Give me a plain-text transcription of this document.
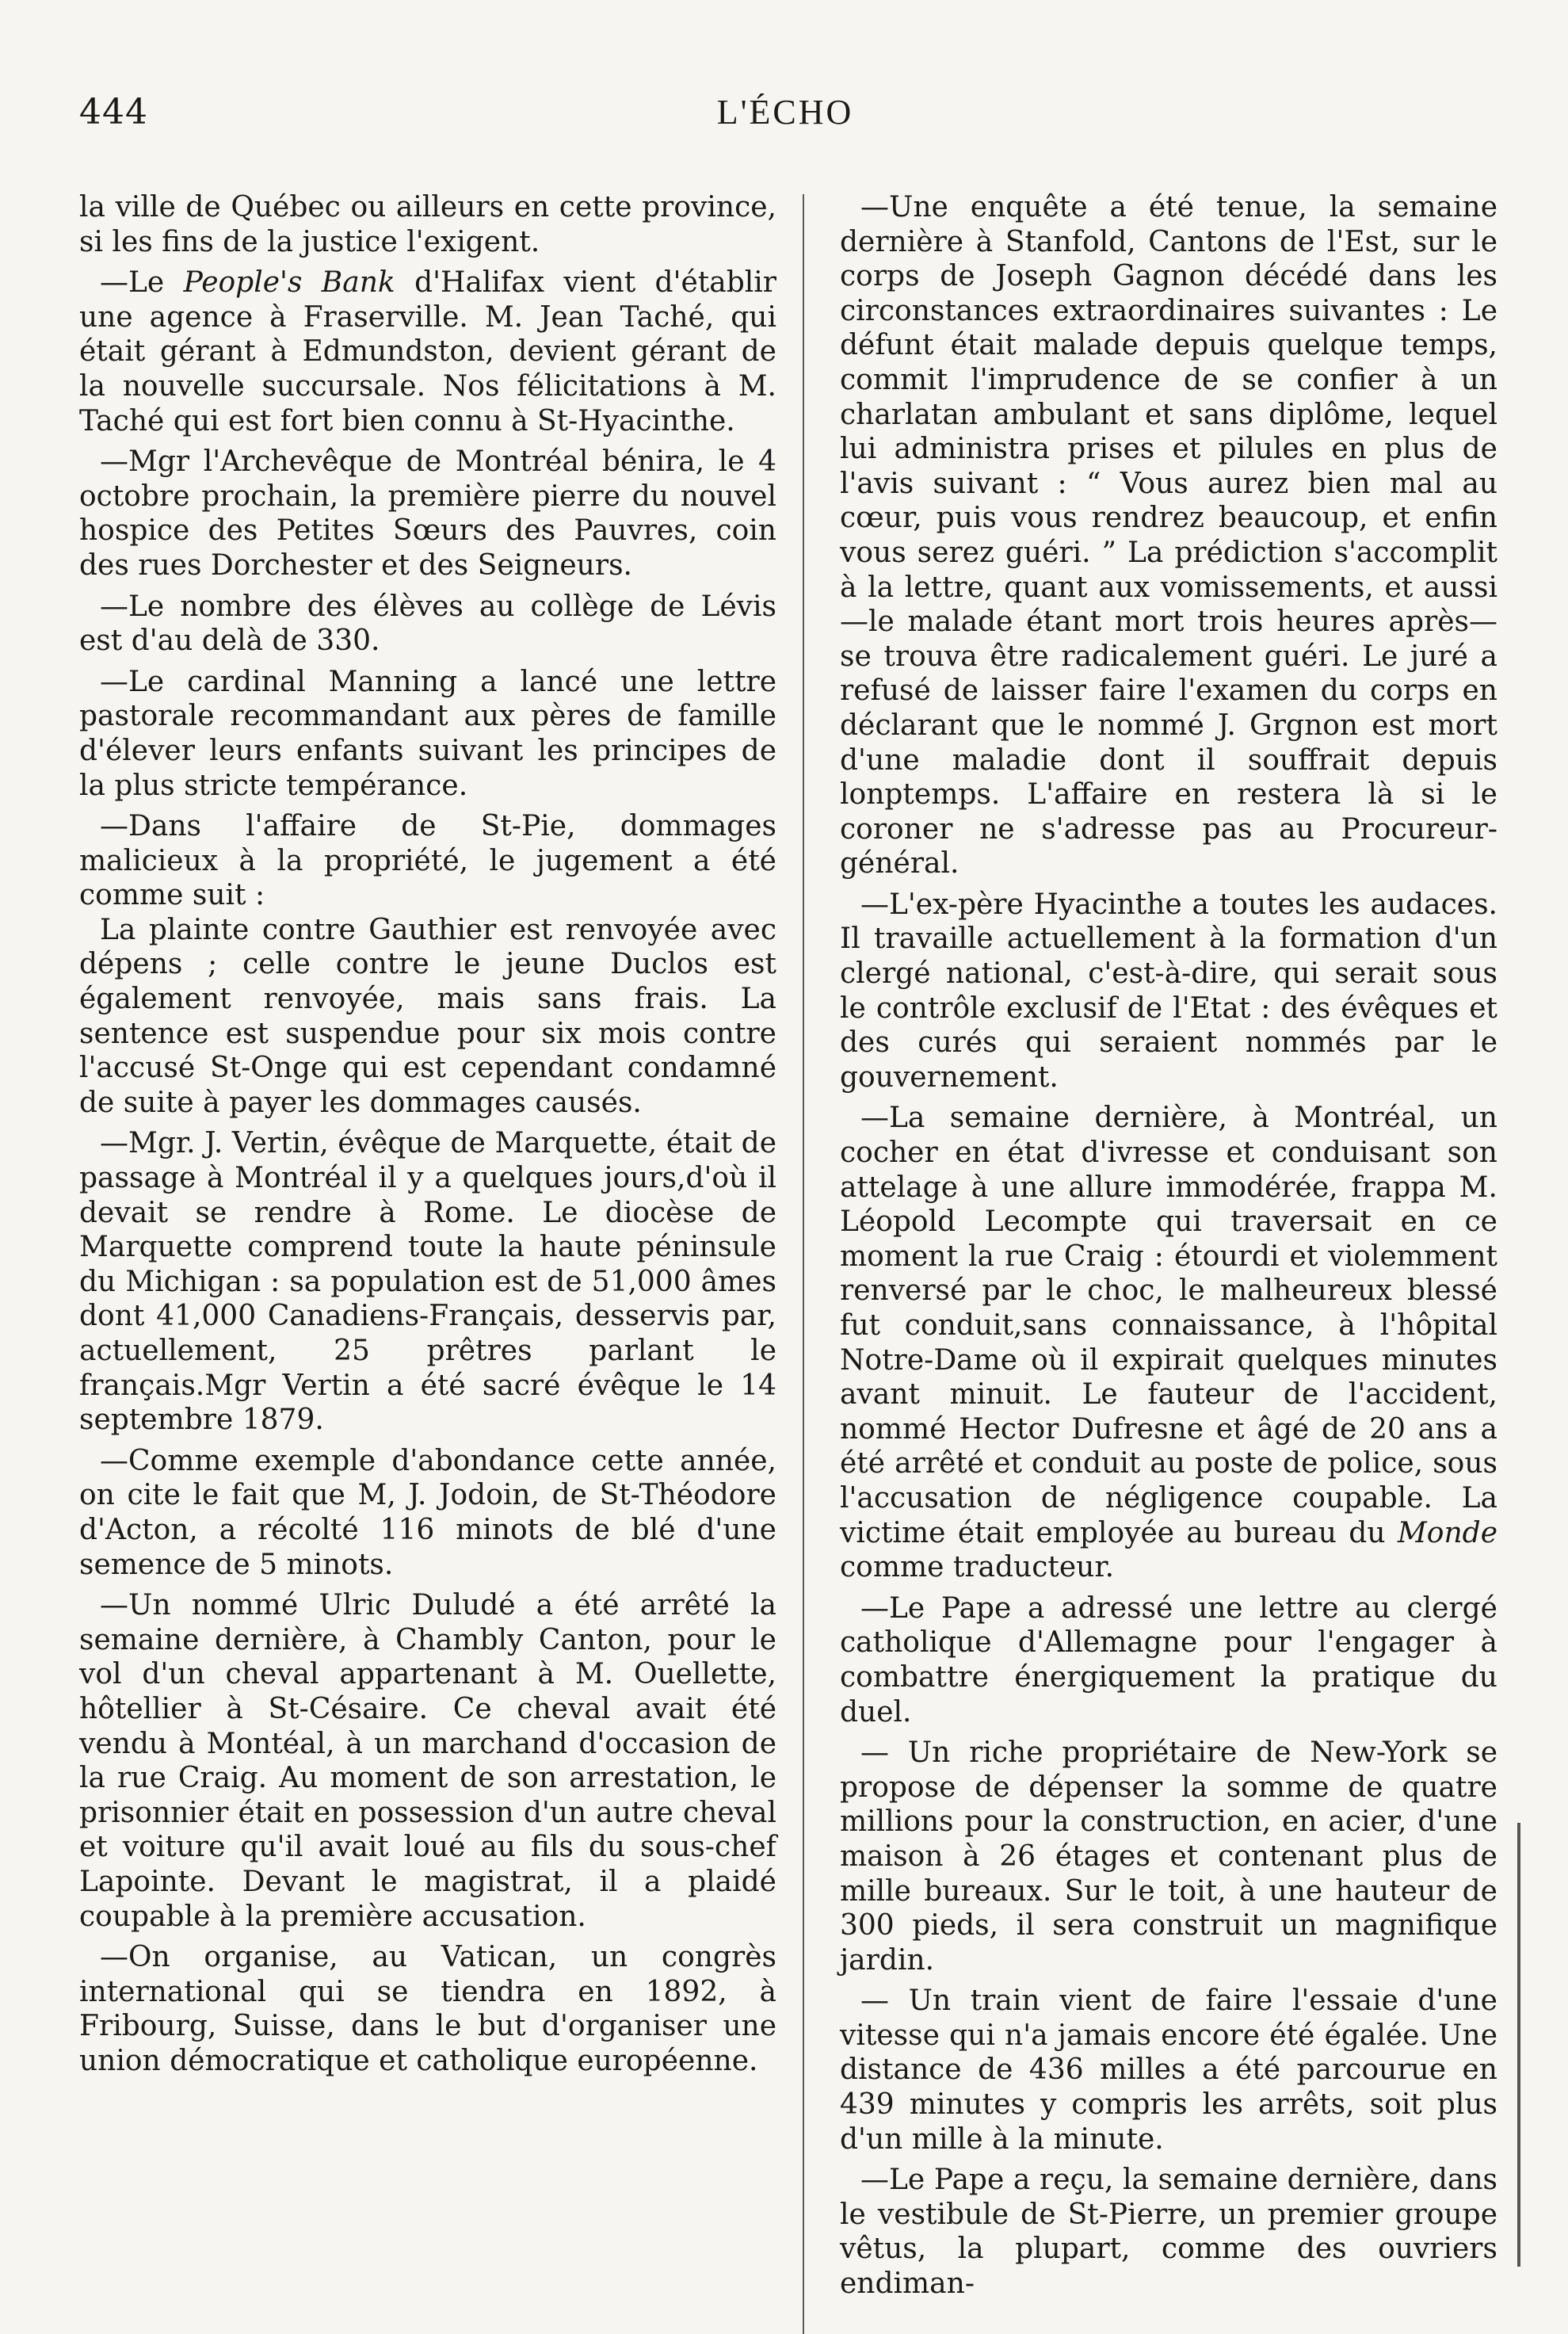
444	L'ÉCHO

la ville de Québec ou ailleurs en cette province, si les fins de la justice l'exigent.

—Le People's Bank d'Halifax vient d'établir une agence à Fraserville. M. Jean Taché, qui était gérant à Edmundston, devient gérant de la nouvelle succursale. Nos félicitations à M. Taché qui est fort bien connu à St-Hyacinthe.

—Mgr l'Archevêque de Montréal bénira, le 4 octobre prochain, la première pierre du nouvel hospice des Petites Sœurs des Pauvres, coin des rues Dorchester et des Seigneurs.

—Le nombre des élèves au collège de Lévis est d'au delà de 330.

—Le cardinal Manning a lancé une lettre pastorale recommandant aux pères de famille d'élever leurs enfants suivant les principes de la plus stricte tempérance.

—Dans l'affaire de St-Pie, dommages malicieux à la propriété, le jugement a été comme suit :

La plainte contre Gauthier est renvoyée avec dépens ; celle contre le jeune Duclos est également renvoyée, mais sans frais. La sentence est suspendue pour six mois contre l'accusé St-Onge qui est cependant condamné de suite à payer les dommages causés.

—Mgr. J. Vertin, évêque de Marquette, était de passage à Montréal il y a quelques jours,d'où il devait se rendre à Rome. Le diocèse de Marquette comprend toute la haute péninsule du Michigan : sa population est de 51,000 âmes dont 41,000 Canadiens-Français, desservis par, actuellement, 25 prêtres parlant le français.Mgr Vertin a été sacré évêque le 14 septembre 1879.

—Comme exemple d'abondance cette année, on cite le fait que M, J. Jodoin, de St-Théodore d'Acton, a récolté 116 minots de blé d'une semence de 5 minots.

—Un nommé Ulric Duludé a été arrêté la semaine dernière, à Chambly Canton, pour le vol d'un cheval appartenant à M. Ouellette, hôtellier à St-Césaire. Ce cheval avait été vendu à Montéal, à un marchand d'occasion de la rue Craig. Au moment de son arrestation, le prisonnier était en possession d'un autre cheval et voiture qu'il avait loué au fils du sous-chef Lapointe. Devant le magistrat, il a plaidé coupable à la première accusation.

—On organise, au Vatican, un congrès international qui se tiendra en 1892, à Fribourg, Suisse, dans le but d'organiser une union démocratique et catholique européenne.

—Une enquête a été tenue, la semaine dernière à Stanfold, Cantons de l'Est, sur le corps de Joseph Gagnon décédé dans les circonstances extraordinaires suivantes : Le défunt était malade depuis quelque temps, commit l'imprudence de se confier à un charlatan ambulant et sans diplôme, lequel lui administra prises et pilules en plus de l'avis suivant : “ Vous aurez bien mal au cœur, puis vous rendrez beaucoup, et enfin vous serez guéri. ” La prédiction s'accomplit à la lettre, quant aux vomissements, et aussi—le malade étant mort trois heures après—se trouva être radicalement guéri. Le juré a refusé de laisser faire l'examen du corps en déclarant que le nommé J. Grgnon est mort d'une maladie dont il souffrait depuis lonptemps. L'affaire en restera là si le coroner ne s'adresse pas au Procureur-général.

—L'ex-père Hyacinthe a toutes les audaces. Il travaille actuellement à la formation d'un clergé national, c'est-à-dire, qui serait sous le contrôle exclusif de l'Etat : des évêques et des curés qui seraient nommés par le gouvernement.

—La semaine dernière, à Montréal, un cocher en état d'ivresse et conduisant son attelage à une allure immodérée, frappa M. Léopold Lecompte qui traversait en ce moment la rue Craig : étourdi et violemment renversé par le choc, le malheureux blessé fut conduit,sans connaissance, à l'hôpital Notre-Dame où il expirait quelques minutes avant minuit. Le fauteur de l'accident, nommé Hector Dufresne et âgé de 20 ans a été arrêté et conduit au poste de police, sous l'accusation de négligence coupable. La victime était employée au bureau du Monde comme traducteur.

—Le Pape a adressé une lettre au clergé catholique d'Allemagne pour l'engager à combattre énergiquement la pratique du duel.

— Un riche propriétaire de New-York se propose de dépenser la somme de quatre millions pour la construction, en acier, d'une maison à 26 étages et contenant plus de mille bureaux. Sur le toit, à une hauteur de 300 pieds, il sera construit un magnifique jardin.

— Un train vient de faire l'essaie d'une vitesse qui n'a jamais encore été égalée. Une distance de 436 milles a été parcourue en 439 minutes y compris les arrêts, soit plus d'un mille à la minute.

—Le Pape a reçu, la semaine dernière, dans le vestibule de St-Pierre, un premier groupe vêtus, la plupart, comme des ouvriers endiman-
